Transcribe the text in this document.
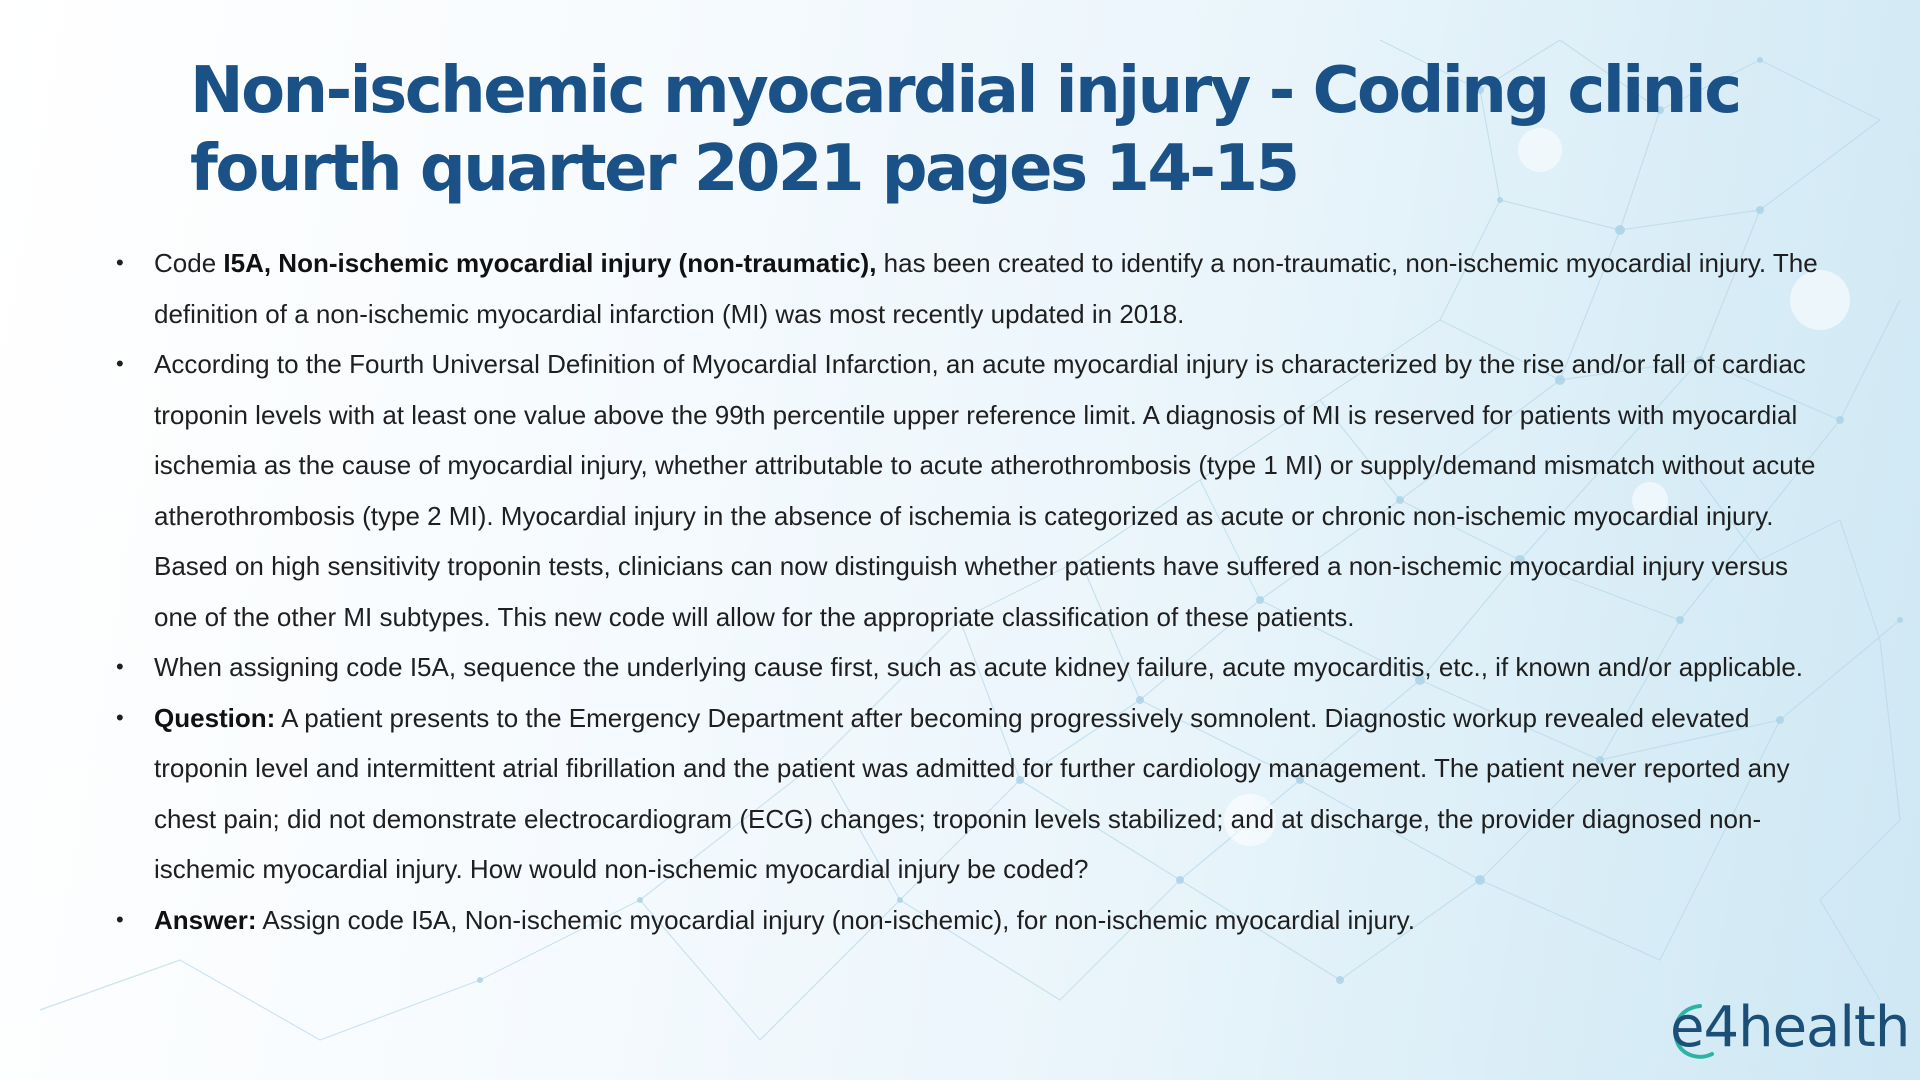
Non-ischemic myocardial injury - Coding clinic
fourth quarter 2021 pages 14-15
• Code I5A, Non-ischemic myocardial injury (non-traumatic), has been created to identify a non-traumatic, non-ischemic myocardial injury. The definition of a non-ischemic myocardial infarction (MI) was most recently updated in 2018.
• According to the Fourth Universal Definition of Myocardial Infarction, an acute myocardial injury is characterized by the rise and/or fall of cardiac troponin levels with at least one value above the 99th percentile upper reference limit. A diagnosis of MI is reserved for patients with myocardial ischemia as the cause of myocardial injury, whether attributable to acute atherothrombosis (type 1 MI) or supply/demand mismatch without acute atherothrombosis (type 2 MI). Myocardial injury in the absence of ischemia is categorized as acute or chronic non-ischemic myocardial injury. Based on high sensitivity troponin tests, clinicians can now distinguish whether patients have suffered a non-ischemic myocardial injury versus one of the other MI subtypes. This new code will allow for the appropriate classification of these patients.
• When assigning code I5A, sequence the underlying cause first, such as acute kidney failure, acute myocarditis, etc., if known and/or applicable.
• Question: A patient presents to the Emergency Department after becoming progressively somnolent. Diagnostic workup revealed elevated troponin level and intermittent atrial fibrillation and the patient was admitted for further cardiology management. The patient never reported any chest pain; did not demonstrate electrocardiogram (ECG) changes; troponin levels stabilized; and at discharge, the provider diagnosed non-ischemic myocardial injury. How would non-ischemic myocardial injury be coded?
• Answer: Assign code I5A, Non-ischemic myocardial injury (non-ischemic), for non-ischemic myocardial injury.
e4health
